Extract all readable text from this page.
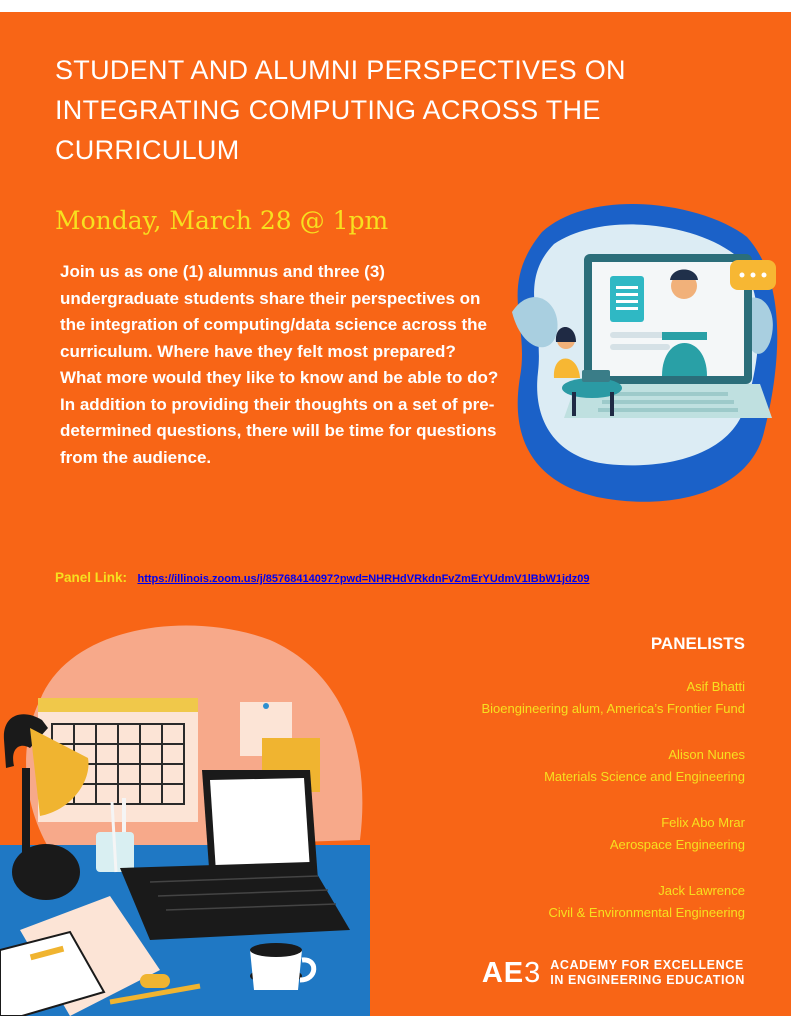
STUDENT AND ALUMNI PERSPECTIVES ON INTEGRATING COMPUTING ACROSS THE CURRICULUM

Monday, March 28 @ 1pm

Join us as one (1) alumnus and three (3) undergraduate students share their perspectives on the integration of computing/data science across the curriculum. Where have they felt most prepared? What more would they like to know and be able to do? In addition to providing their thoughts on a set of pre-determined questions, there will be time for questions from the audience.

Panel Link: https://illinois.zoom.us/j/85768414097?pwd=NHRHdVRkdnFvZmErYUdmV1lBbW1jdz09
PANELISTS
Asif Bhatti
Bioengineering alum, America’s Frontier Fund
Alison Nunes
Materials Science and Engineering
Felix Abo Mrar
Aerospace Engineering
Jack Lawrence
Civil & Environmental Engineering
AE3 ACADEMY FOR EXCELLENCE
IN ENGINEERING EDUCATION
